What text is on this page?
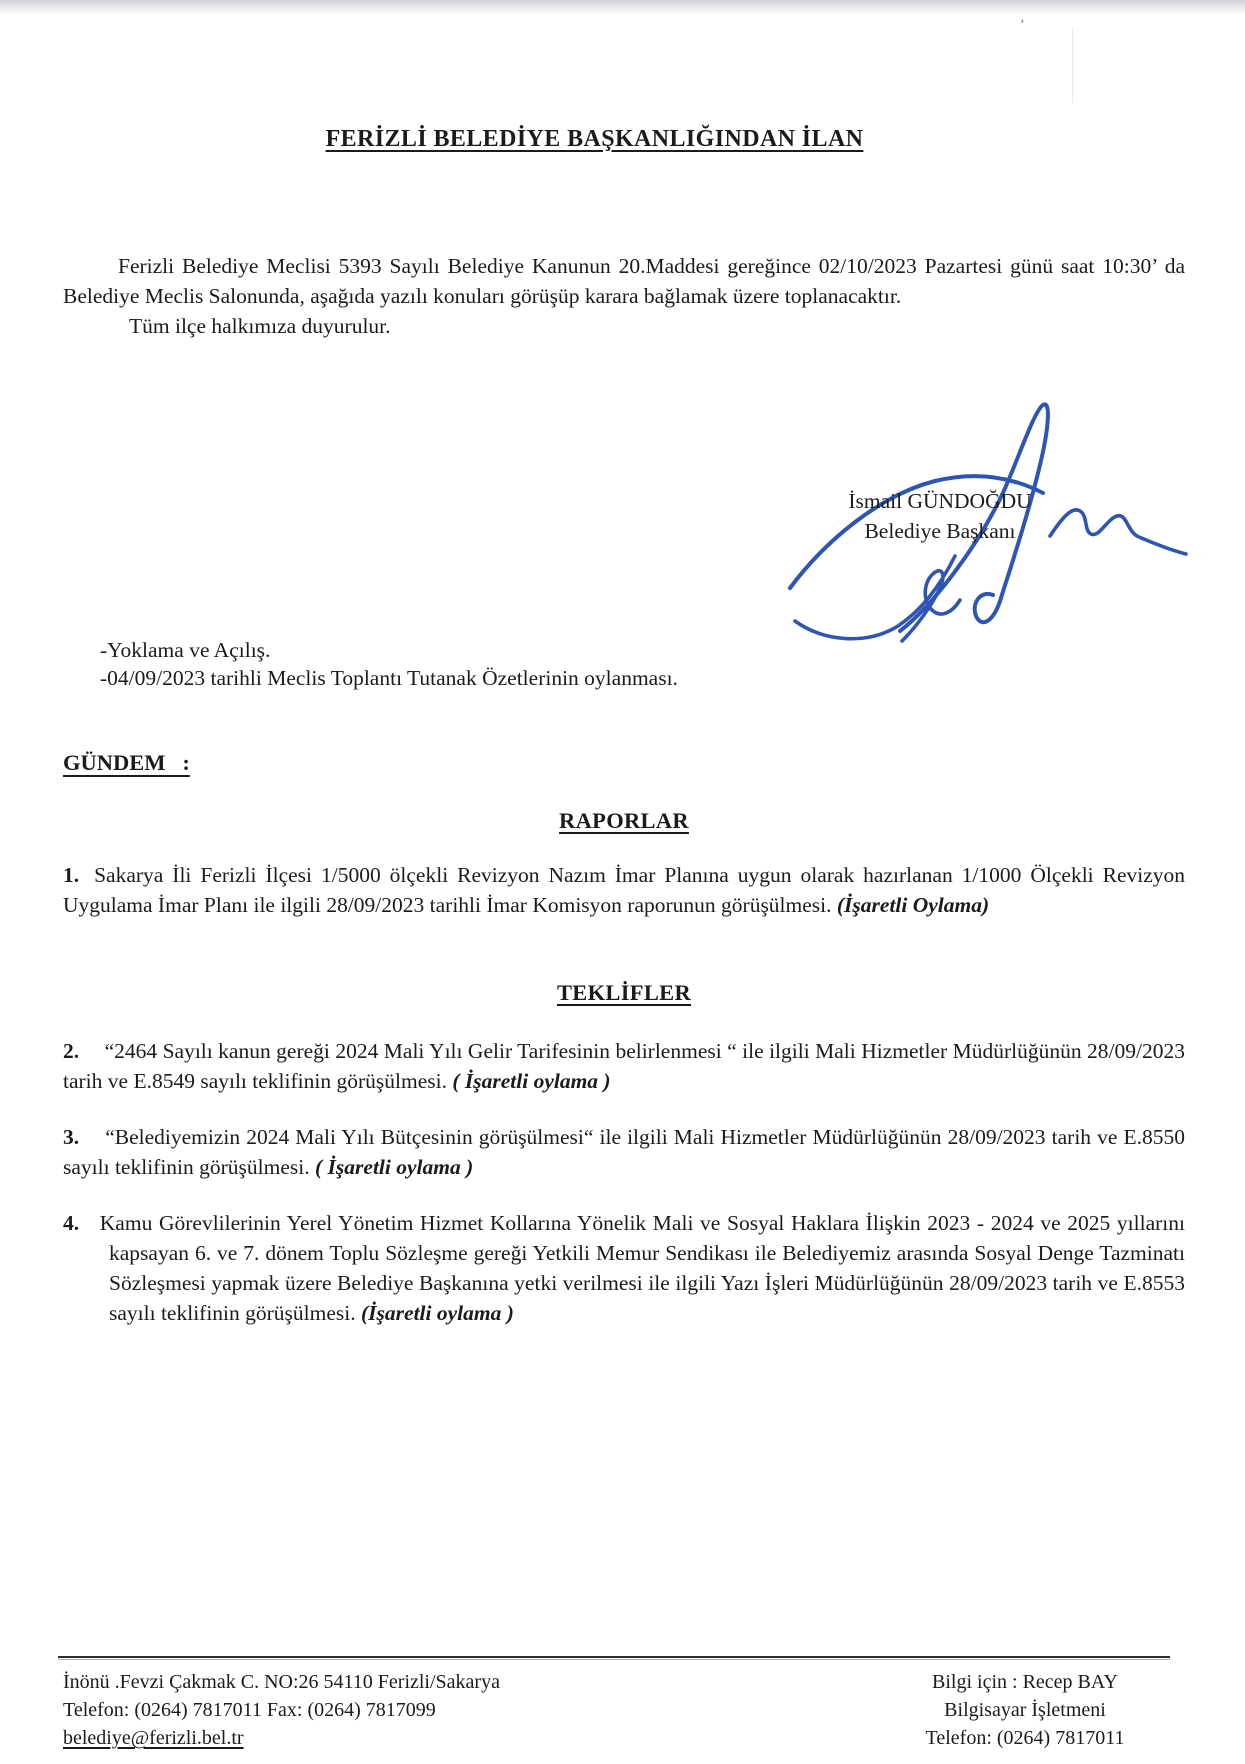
ʼ
FERİZLİ BELEDİYE BAŞKANLIĞINDAN İLAN

Ferizli Belediye Meclisi 5393 Sayılı Belediye Kanunun 20.Maddesi gereğince 02/10/2023 Pazartesi günü saat 10:30’ da Belediye Meclis Salonunda, aşağıda yazılı konuları görüşüp karara bağlamak üzere toplanacaktır.

Tüm ilçe halkımıza duyurulur.

İsmail GÜNDOĞDU
Belediye Başkanı
-Yoklama ve Açılış.
-04/09/2023 tarihli Meclis Toplantı Tutanak Özetlerinin oylanması.
GÜNDEM   :
RAPORLAR

1. Sakarya İli Ferizli İlçesi 1/5000 ölçekli Revizyon Nazım İmar Planına uygun olarak hazırlanan 1/1000 Ölçekli Revizyon Uygulama İmar Planı ile ilgili 28/09/2023 tarihli İmar Komisyon raporunun görüşülmesi. (İşaretli Oylama)

TEKLİFLER

2. “2464 Sayılı kanun gereği 2024 Mali Yılı Gelir Tarifesinin belirlenmesi “ ile ilgili Mali Hizmetler Müdürlüğünün 28/09/2023 tarih ve E.8549 sayılı teklifinin görüşülmesi. ( İşaretli oylama )

3. “Belediyemizin 2024 Mali Yılı Bütçesinin görüşülmesi“ ile ilgili Mali Hizmetler Müdürlüğünün 28/09/2023 tarih ve E.8550 sayılı teklifinin görüşülmesi. ( İşaretli oylama )

4. Kamu Görevlilerinin Yerel Yönetim Hizmet Kollarına Yönelik Mali ve Sosyal Haklara İlişkin 2023 - 2024 ve 2025 yıllarını kapsayan 6. ve 7. dönem Toplu Sözleşme gereği Yetkili Memur Sendikası ile Belediyemiz arasında Sosyal Denge Tazminatı Sözleşmesi yapmak üzere Belediye Başkanına yetki verilmesi ile ilgili Yazı İşleri Müdürlüğünün 28/09/2023 tarih ve E.8553 sayılı teklifinin görüşülmesi. (İşaretli oylama )

İnönü .Fevzi Çakmak C. NO:26 54110 Ferizli/Sakarya
Telefon: (0264) 7817011 Fax: (0264) 7817099
belediye@ferizli.bel.tr
Bilgi için : Recep BAY
Bilgisayar İşletmeni
Telefon: (0264) 7817011
